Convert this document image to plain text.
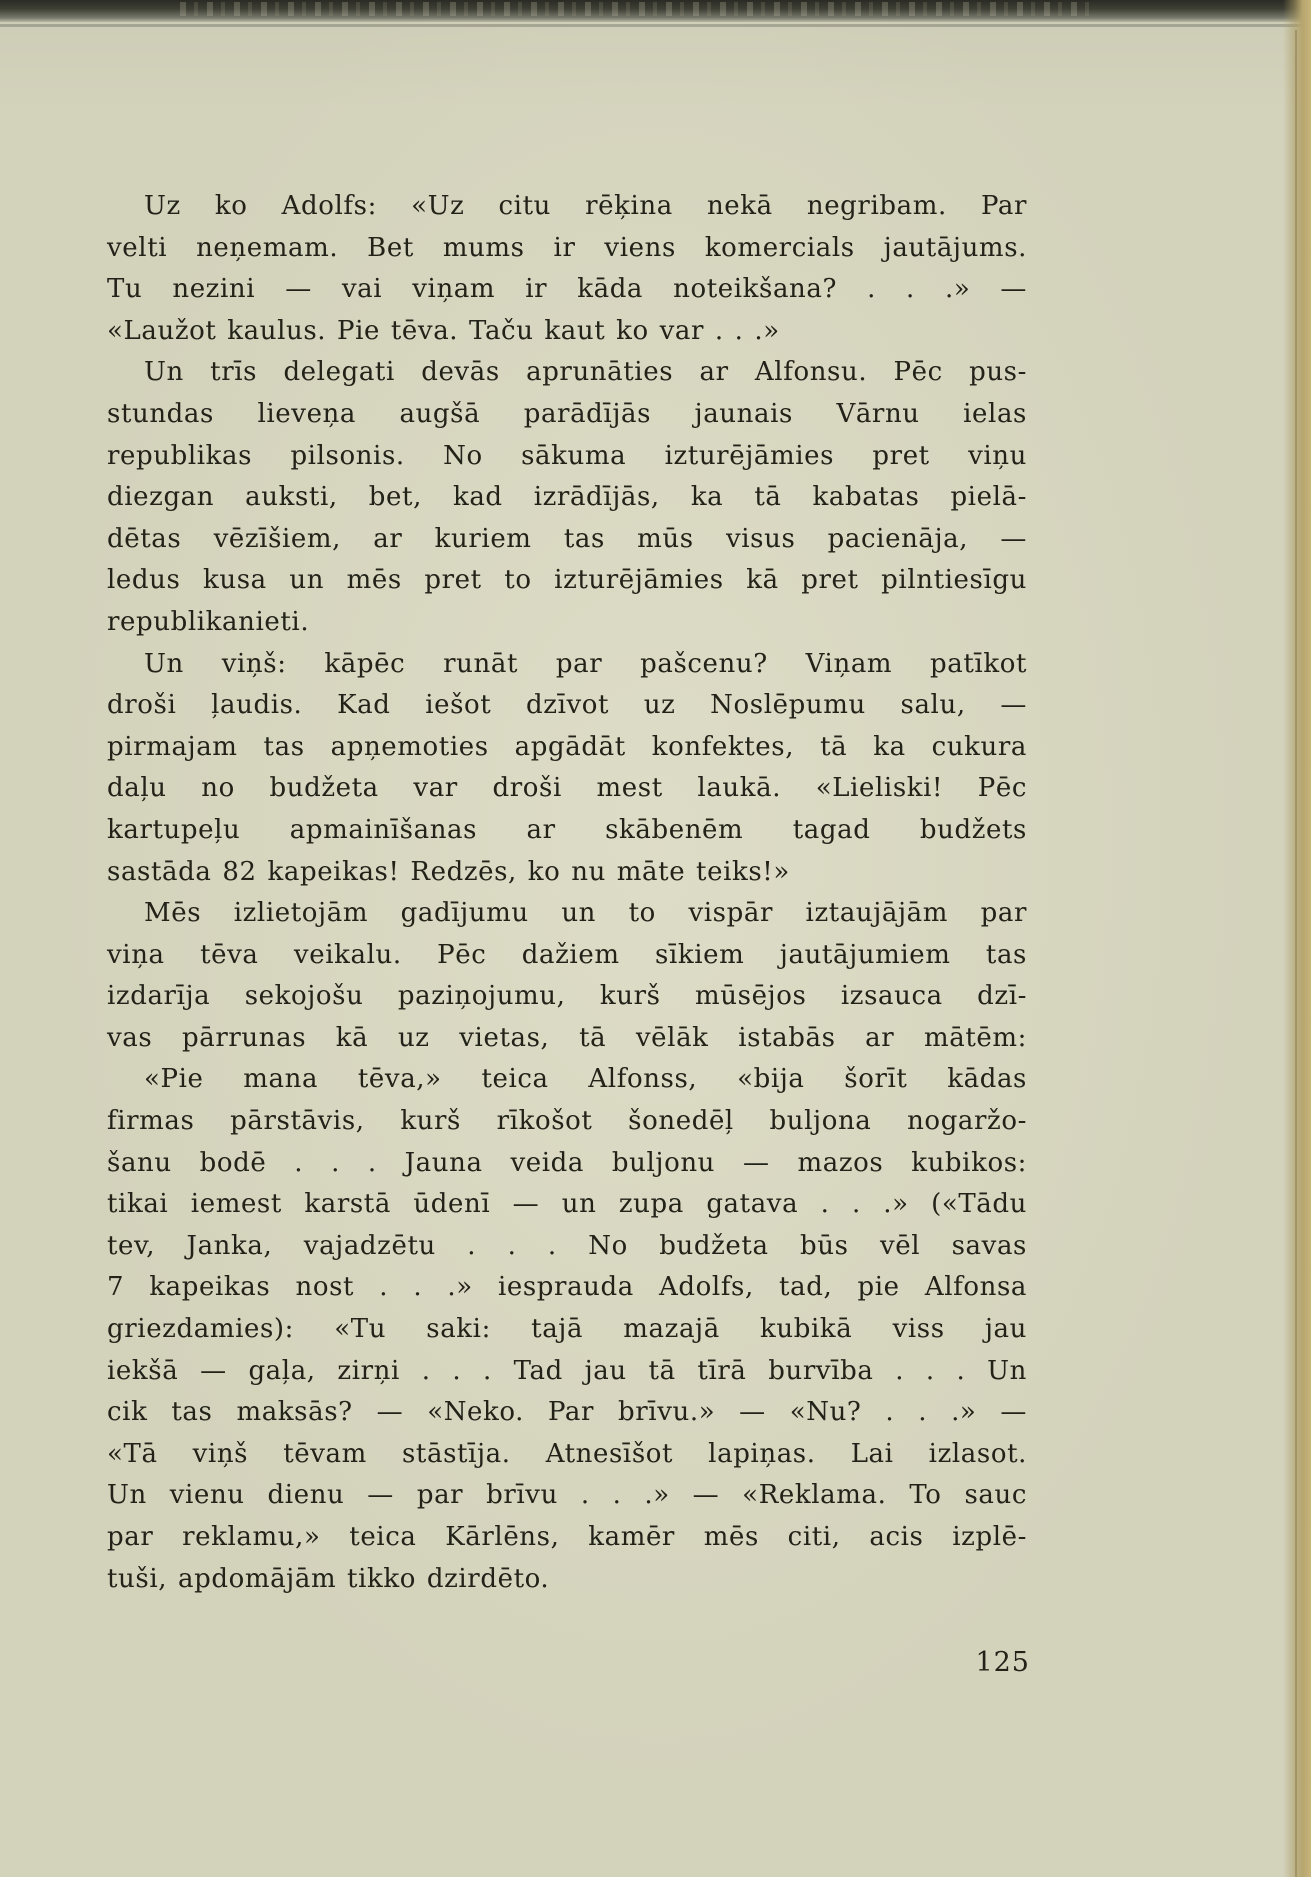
Uz ko Adolfs: «Uz citu rēķina nekā negribam. Par
velti neņemam. Bet mums ir viens komercials jautājums.
Tu nezini — vai viņam ir kāda noteikšana? . . .» —
«Laužot kaulus. Pie tēva. Taču kaut ko var . . .»
Un trīs delegati devās aprunāties ar Alfonsu. Pēc pus-
stundas lieveņa augšā parādījās jaunais Vārnu ielas
republikas pilsonis. No sākuma izturējāmies pret viņu
diezgan auksti, bet, kad izrādījās, ka tā kabatas pielā-
dētas vēzīšiem, ar kuriem tas mūs visus pacienāja, —
ledus kusa un mēs pret to izturējāmies kā pret pilntiesīgu
republikanieti.
Un viņš: kāpēc runāt par pašcenu? Viņam patīkot
droši ļaudis. Kad iešot dzīvot uz Noslēpumu salu, —
pirmajam tas apņemoties apgādāt konfektes, tā ka cukura
daļu no budžeta var droši mest laukā. «Lieliski! Pēc
kartupeļu apmainīšanas ar skābenēm tagad budžets
sastāda 82 kapeikas! Redzēs, ko nu māte teiks!»
Mēs izlietojām gadījumu un to vispār iztaujājām par
viņa tēva veikalu. Pēc dažiem sīkiem jautājumiem tas
izdarīja sekojošu paziņojumu, kurš mūsējos izsauca dzī-
vas pārrunas kā uz vietas, tā vēlāk istabās ar mātēm:
«Pie mana tēva,» teica Alfonss, «bija šorīt kādas
firmas pārstāvis, kurš rīkošot šonedēļ buljona nogaržo-
šanu bodē . . . Jauna veida buljonu — mazos kubikos:
tikai iemest karstā ūdenī — un zupa gatava . . .» («Tādu
tev, Janka, vajadzētu . . . No budžeta būs vēl savas
7 kapeikas nost . . .» iesprauda Adolfs, tad, pie Alfonsa
griezdamies): «Tu saki: tajā mazajā kubikā viss jau
iekšā — gaļa, zirņi . . . Tad jau tā tīrā burvība . . . Un
cik tas maksās? — «Neko. Par brīvu.» — «Nu? . . .» —
«Tā viņš tēvam stāstīja. Atnesīšot lapiņas. Lai izlasot.
Un vienu dienu — par brīvu . . .» — «Reklama. To sauc
par reklamu,» teica Kārlēns, kamēr mēs citi, acis izplē-
tuši, apdomājām tikko dzirdēto.
125
